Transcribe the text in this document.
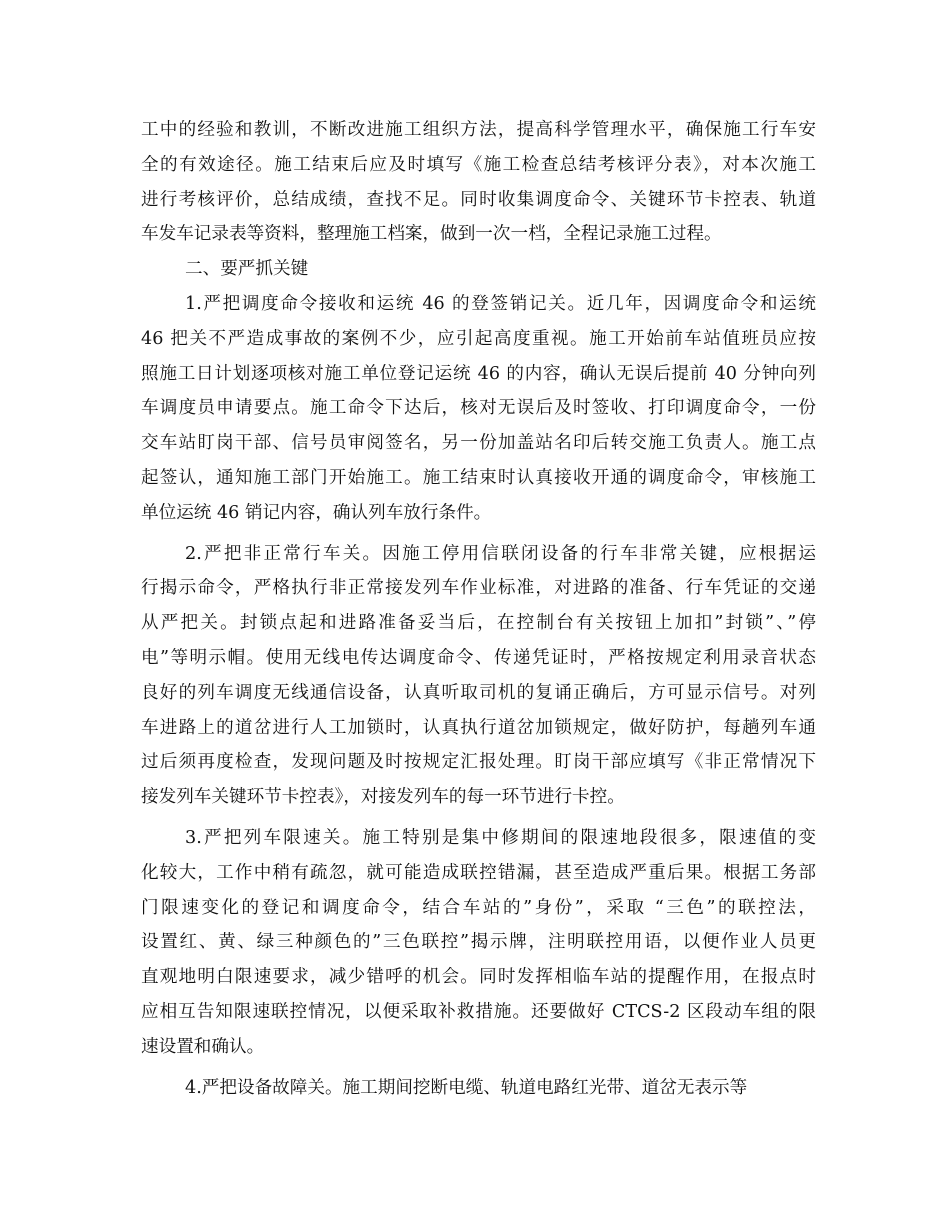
工中的经验和教训，不断改进施工组织方法，提高科学管理水平，确保施工行车安
全的有效途径。施工结束后应及时填写《施工检查总结考核评分表》，对本次施工
进行考核评价，总结成绩，查找不足。同时收集调度命令、关键环节卡控表、轨道
车发车记录表等资料，整理施工档案，做到一次一档，全程记录施工过程。
二、要严抓关键
1.严把调度命令接收和运统 46 的登签销记关。近几年，因调度命令和运统
46 把关不严造成事故的案例不少，应引起高度重视。施工开始前车站值班员应按
照施工日计划逐项核对施工单位登记运统 46 的内容，确认无误后提前 40 分钟向列
车调度员申请要点。施工命令下达后，核对无误后及时签收、打印调度命令，一份
交车站盯岗干部、信号员审阅签名，另一份加盖站名印后转交施工负责人。施工点
起签认，通知施工部门开始施工。施工结束时认真接收开通的调度命令，审核施工
单位运统 46 销记内容，确认列车放行条件。
2.严把非正常行车关。因施工停用信联闭设备的行车非常关键，应根据运
行揭示命令，严格执行非正常接发列车作业标准，对进路的准备、行车凭证的交递
从严把关。封锁点起和进路准备妥当后，在控制台有关按钮上加扣”封锁”、”停
电”等明示帽。使用无线电传达调度命令、传递凭证时，严格按规定利用录音状态
良好的列车调度无线通信设备，认真听取司机的复诵正确后，方可显示信号。对列
车进路上的道岔进行人工加锁时，认真执行道岔加锁规定，做好防护，每趟列车通
过后须再度检查，发现问题及时按规定汇报处理。盯岗干部应填写《非正常情况下
接发列车关键环节卡控表》，对接发列车的每一环节进行卡控。
3.严把列车限速关。施工特别是集中修期间的限速地段很多，限速值的变
化较大，工作中稍有疏忽，就可能造成联控错漏，甚至造成严重后果。根据工务部
门限速变化的登记和调度命令，结合车站的”身份”，采取 “三色”的联控法，
设置红、黄、绿三种颜色的”三色联控”揭示牌，注明联控用语，以便作业人员更
直观地明白限速要求，减少错呼的机会。同时发挥相临车站的提醒作用，在报点时
应相互告知限速联控情况，以便采取补救措施。还要做好 CTCS-2 区段动车组的限
速设置和确认。
4.严把设备故障关。施工期间挖断电缆、轨道电路红光带、道岔无表示等
